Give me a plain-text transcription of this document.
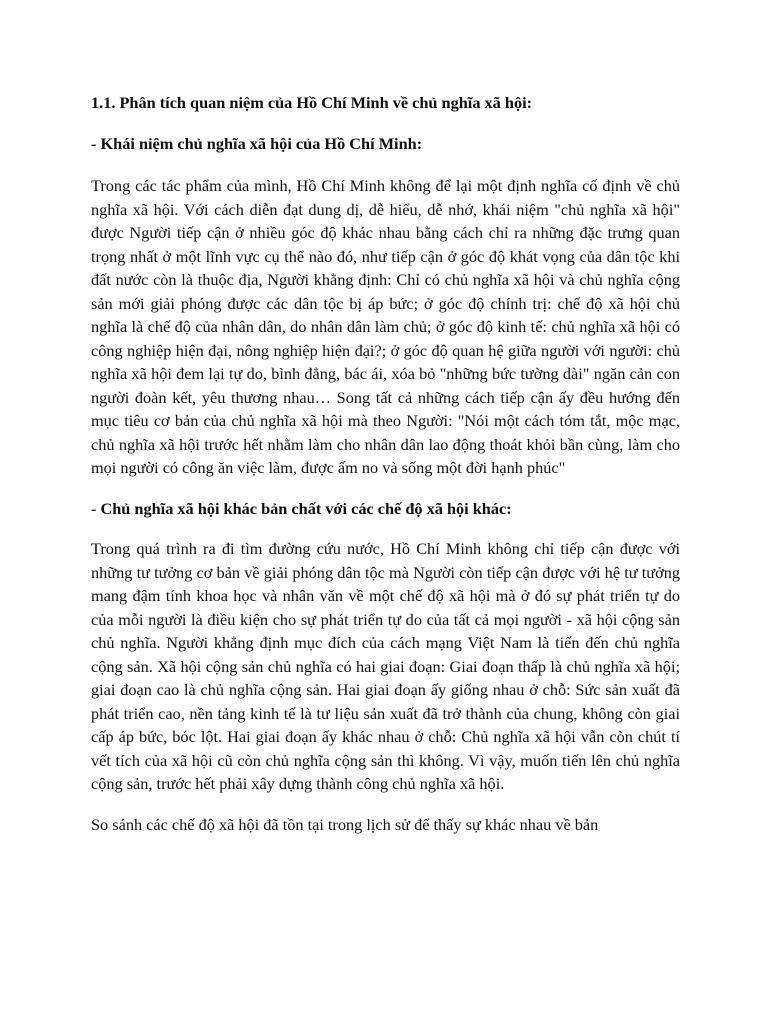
1.1. Phân tích quan niệm của Hồ Chí Minh về chủ nghĩa xã hội:

- Khái niệm chủ nghĩa xã hội của Hồ Chí Minh:

Trong các tác phẩm của mình, Hồ Chí Minh không để lại một định nghĩa cố định về chủ nghĩa xã hội. Với cách diễn đạt dung dị, dễ hiểu, dễ nhớ, khái niệm "chủ nghĩa xã hội" được Người tiếp cận ở nhiều góc độ khác nhau bằng cách chỉ ra những đặc trưng quan trọng nhất ở một lĩnh vực cụ thể nào đó, như tiếp cận ở góc độ khát vọng của dân tộc khi đất nước còn là thuộc địa, Người khẳng định: Chỉ có chủ nghĩa xã hội và chủ nghĩa cộng sản mới giải phóng được các dân tộc bị áp bức; ở góc độ chính trị: chế độ xã hội chủ nghĩa là chế độ của nhân dân, do nhân dân làm chủ; ở góc độ kinh tế: chủ nghĩa xã hội có công nghiệp hiện đại, nông nghiệp hiện đại?; ở góc độ quan hệ giữa người với người: chủ nghĩa xã hội đem lại tự do, bình đẳng, bác ái, xóa bỏ "những bức tường dài" ngăn cản con người đoàn kết, yêu thương nhau… Song tất cả những cách tiếp cận ấy đều hướng đến mục tiêu cơ bản của chủ nghĩa xã hội mà theo Người: "Nói một cách tóm tắt, mộc mạc, chủ nghĩa xã hội trước hết nhằm làm cho nhân dân lao động thoát khỏi bần cùng, làm cho mọi người có công ăn việc làm, được ấm no và sống một đời hạnh phúc"

- Chủ nghĩa xã hội khác bản chất với các chế độ xã hội khác:

Trong quá trình ra đi tìm đường cứu nước, Hồ Chí Minh không chỉ tiếp cận được với những tư tưởng cơ bản về giải phóng dân tộc mà Người còn tiếp cận được với hệ tư tưởng mang đậm tính khoa học và nhân văn về một chế độ xã hội mà ở đó sự phát triển tự do của mỗi người là điều kiện cho sự phát triển tự do của tất cả mọi người - xã hội cộng sản chủ nghĩa. Người khẳng định mục đích của cách mạng Việt Nam là tiến đến chủ nghĩa cộng sản. Xã hội cộng sản chủ nghĩa có hai giai đoạn: Giai đoạn thấp là chủ nghĩa xã hội; giai đoạn cao là chủ nghĩa cộng sản. Hai giai đoạn ấy giống nhau ở chỗ: Sức sản xuất đã phát triển cao, nền tảng kinh tế là tư liệu sản xuất đã trở thành của chung, không còn giai cấp áp bức, bóc lột. Hai giai đoạn ấy khác nhau ở chỗ: Chủ nghĩa xã hội vẫn còn chút tí vết tích của xã hội cũ còn chủ nghĩa cộng sản thì không. Vì vậy, muốn tiến lên chủ nghĩa cộng sản, trước hết phải xây dựng thành công chủ nghĩa xã hội.

So sánh các chế độ xã hội đã tồn tại trong lịch sử để thấy sự khác nhau về bản
